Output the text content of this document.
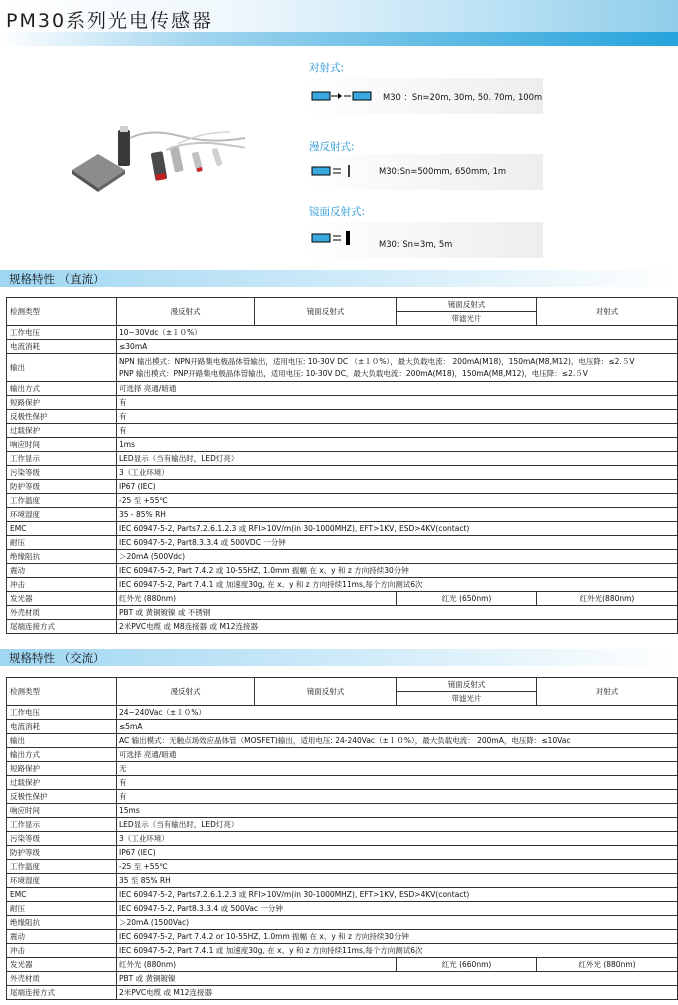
PM30系列光电传感器
对射式:
M30 ：Sn=20m, 30m, 50. 70m, 100m
漫反射式:
M30:Sn=500mm, 650mm, 1m
镜面反射式:
M30: Sn=3m, 5m
规格特性 （直流）
检测类型	漫反射式	镜面反射式	镜面反射式	对射式
			带滤光片	
工作电压	10~30Vdc（±１０%）			
电流消耗	≤30mA			
输出	NPN 输出模式：NPN开路集电极晶体管输出，适用电压: 10-30V DC （±１０%），最大负载电流： 200mA(M18)，150mA(M8,M12)，电压降：≤2.５V
PNP 输出模式：PNP开路集电极晶体管输出，适用电压: 10-30V DC，最大负载电流：200mA(M18)，150mA(M8,M12)，电压降：≤2.５V			

输出方式	可选择 亮通/暗通			
短路保护	有			
反极性保护	有			
过载保护	有			
响应时间	1ms			
工作显示	LED显示（当有输出时，LED灯亮）			
污染等级	3（工业环境）			
防护等级	IP67 (IEC)			
工作温度	-25 至 +55℃			
环境湿度	35 - 85% RH			
EMC	IEC 60947-5-2, Parts7.2.6.1.2.3 或 RFI>10V/m(in 30-1000MHZ), EFT>1KV, ESD>4KV(contact)			
耐压	IEC 60947-5-2, Part8.3.3.4 或 500VDC 一分钟			
绝缘阻抗	＞20mA (500Vdc)			
震动	IEC 60947-5-2, Part 7.4.2 或 10-55HZ, 1.0mm 振幅 在 x、y 和 z 方向持续30分钟			
冲击	IEC 60947-5-2, Part 7.4.1 或 加速度30g, 在 x、y 和 z 方向持续11ms,每个方向测试6次			
发光器	红外光 (880nm)		红光 (650nm)	红外光(880nm)
外壳材质	PBT 或 黄铜镀镍 或 不锈钢			
尾端连接方式	2米PVC电缆 或 M8连接器 或 M12连接器			
规格特性 （交流）
检测类型	漫反射式	镜面反射式	镜面反射式	对射式
			带滤光片	
工作电压	24~240Vac（±１０%）			
电流消耗	≤5mA			
输出	AC 输出模式：无触点场效应晶体管（MOSFET)输出，适用电压: 24-240Vac（±１０%），最大负载电流： 200mA，电压降：≤10Vac			
输出方式	可选择 亮通/暗通			
短路保护	无			
过载保护	有			
反极性保护	有			
响应时间	15ms			
工作显示	LED显示（当有输出时，LED灯亮）			
污染等级	3（工业环境）			
防护等级	IP67 (IEC)			
工作温度	-25 至 +55℃			
环境湿度	35 至 85% RH			
EMC	IEC 60947-5-2, Parts7.2.6.1.2.3 或 RFI>10V/m(in 30-1000MHZ), EFT>1KV, ESD>4KV(contact)			
耐压	IEC 60947-5-2, Part8.3.3.4 或 500Vac 一分钟			
绝缘阻抗	＞20mA (1500Vac)			
震动	IEC 60947-5-2, Part 7.4.2 or 10-55HZ, 1.0mm 振幅 在 x、y 和 z 方向持续30分钟			
冲击	IEC 60947-5-2, Part 7.4.1 或 加速度30g, 在 x、y 和 z 方向持续11ms,每个方向测试6次			
发光器	红外光 (880nm)		红光 (660nm)	红外光 (880nm)
外壳材质	PBT 或 黄铜镀镍			
尾端连接方式	2米PVC电缆 或 M12连接器			
